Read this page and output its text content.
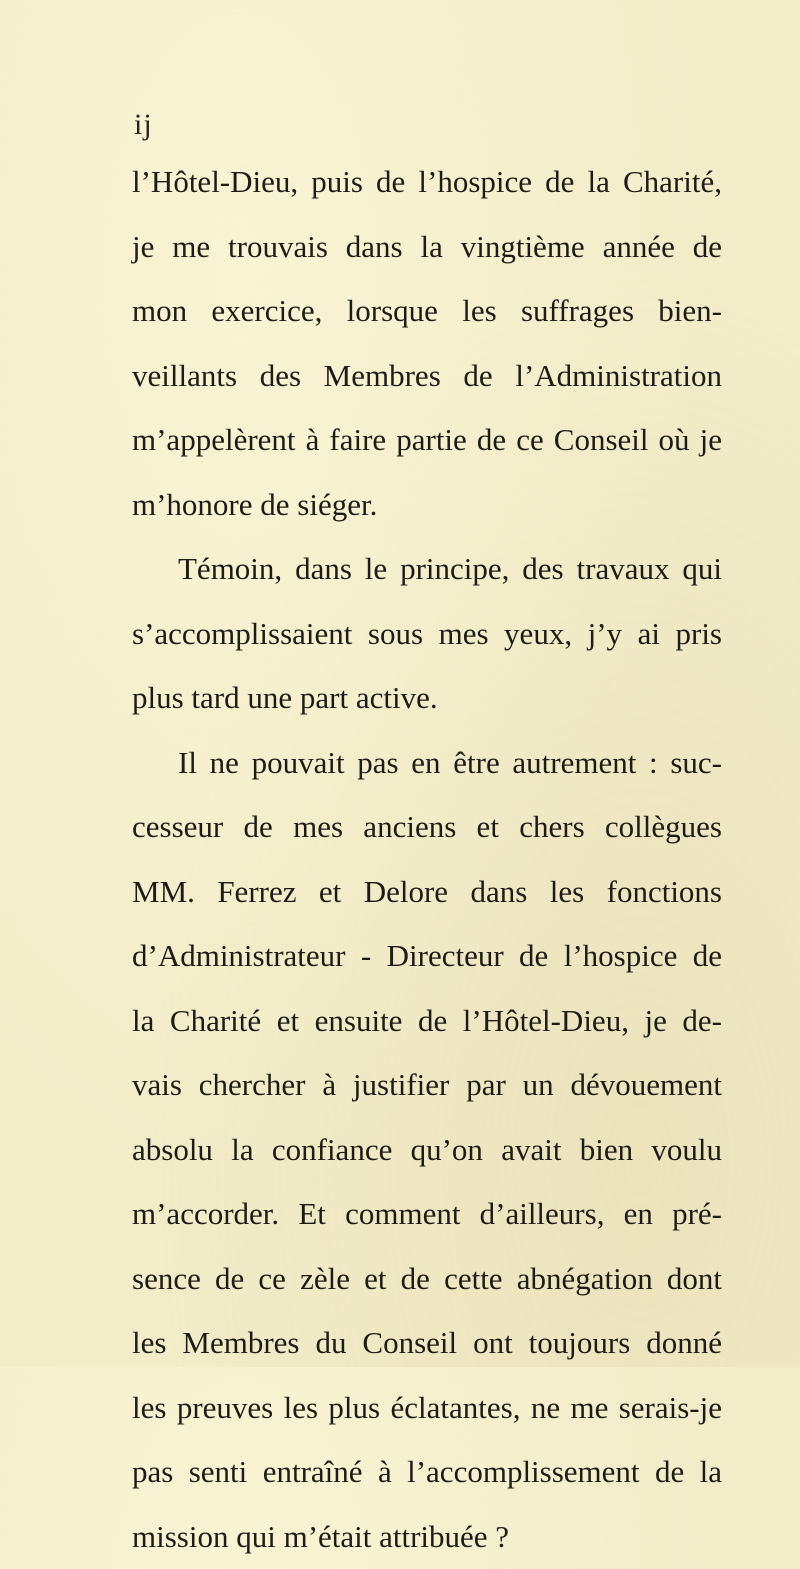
ij
l’Hôtel-Dieu, puis de l’hospice de la Charité,
je me trouvais dans la vingtième année de
mon exercice, lorsque les suffrages bien-
veillants des Membres de l’Administration
m’appelèrent à faire partie de ce Conseil où je
m’honore de siéger.
Témoin, dans le principe, des travaux qui
s’accomplissaient sous mes yeux, j’y ai pris
plus tard une part active.
Il ne pouvait pas en être autrement : suc-
cesseur de mes anciens et chers collègues
MM. Ferrez et Delore dans les fonctions
d’Administrateur - Directeur de l’hospice de
la Charité et ensuite de l’Hôtel-Dieu, je de-
vais chercher à justifier par un dévouement
absolu la confiance qu’on avait bien voulu
m’accorder. Et comment d’ailleurs, en pré-
sence de ce zèle et de cette abnégation dont
les Membres du Conseil ont toujours donné
les preuves les plus éclatantes, ne me serais-je
pas senti entraîné à l’accomplissement de la
mission qui m’était attribuée ?
